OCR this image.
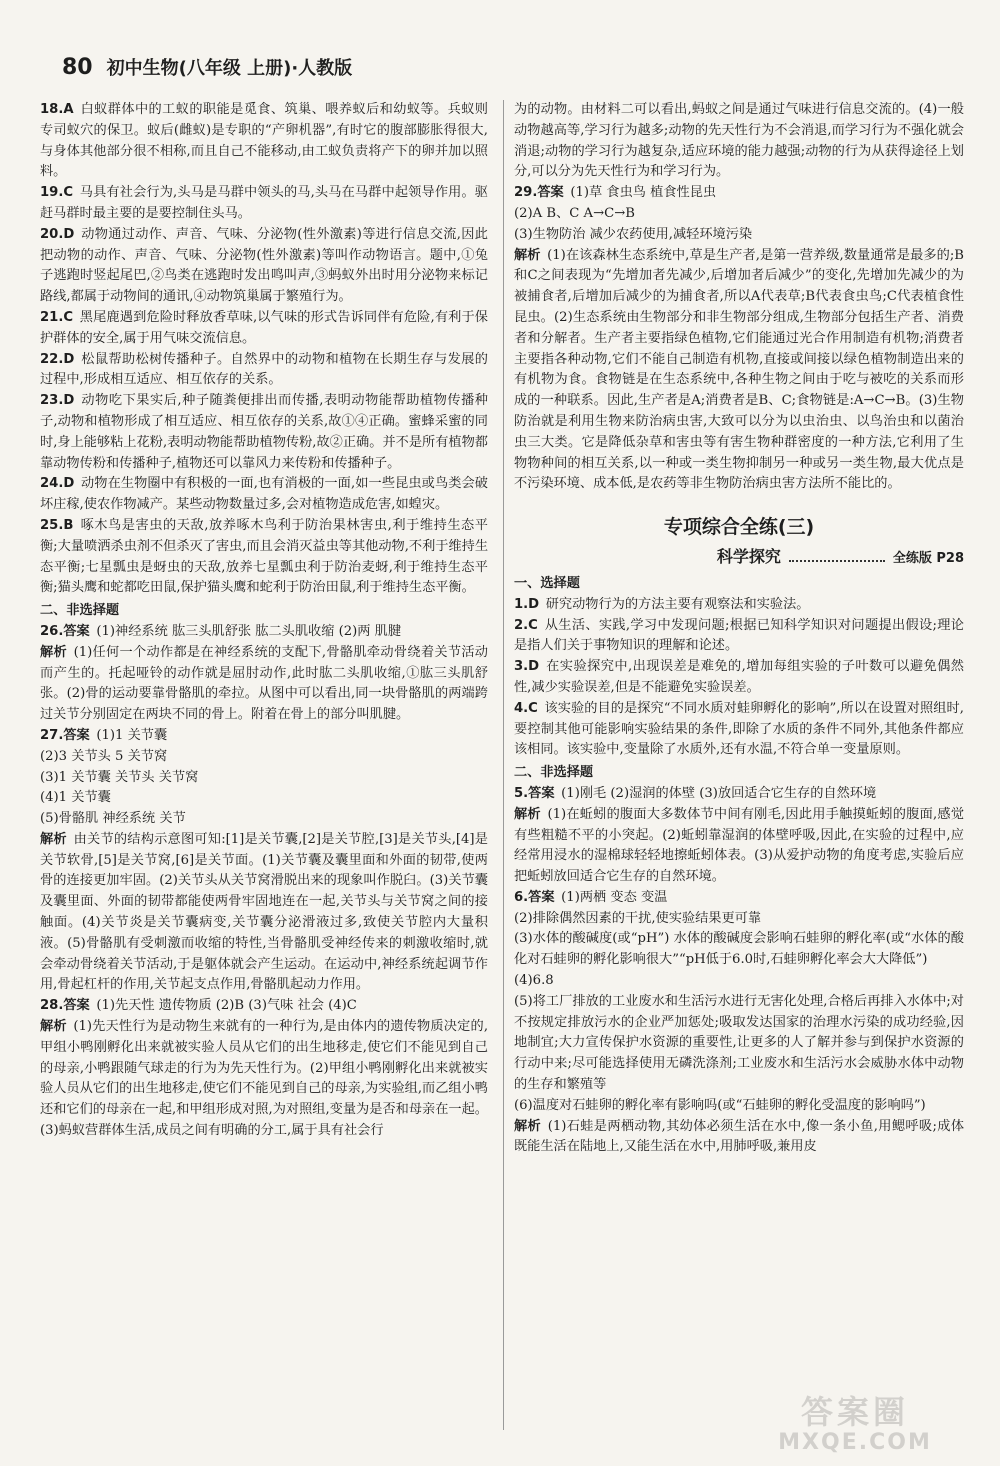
80 初中生物(八年级 上册)·人教版

18.A  白蚁群体中的工蚁的职能是觅食、筑巢、喂养蚁后和幼蚁等。兵蚁则专司蚁穴的保卫。蚁后(雌蚁)是专职的“产卵机器”,有时它的腹部膨胀得很大,与身体其他部分很不相称,而且自己不能移动,由工蚁负责将产下的卵并加以照料。

19.C  马具有社会行为,头马是马群中领头的马,头马在马群中起领导作用。驱赶马群时最主要的是要控制住头马。

20.D  动物通过动作、声音、气味、分泌物(性外激素)等进行信息交流,因此把动物的动作、声音、气味、分泌物(性外激素)等叫作动物语言。题中,①兔子逃跑时竖起尾巴,②鸟类在逃跑时发出鸣叫声,③蚂蚁外出时用分泌物来标记路线,都属于动物间的通讯,④动物筑巢属于繁殖行为。

21.C  黑尾鹿遇到危险时释放香草味,以气味的形式告诉同伴有危险,有利于保护群体的安全,属于用气味交流信息。

22.D  松鼠帮助松树传播种子。自然界中的动物和植物在长期生存与发展的过程中,形成相互适应、相互依存的关系。

23.D  动物吃下果实后,种子随粪便排出而传播,表明动物能帮助植物传播种子,动物和植物形成了相互适应、相互依存的关系,故①④正确。蜜蜂采蜜的同时,身上能够粘上花粉,表明动物能帮助植物传粉,故②正确。并不是所有植物都靠动物传粉和传播种子,植物还可以靠风力来传粉和传播种子。

24.D  动物在生物圈中有积极的一面,也有消极的一面,如一些昆虫或鸟类会破坏庄稼,使农作物减产。某些动物数量过多,会对植物造成危害,如蝗灾。

25.B  啄木鸟是害虫的天敌,放养啄木鸟利于防治果林害虫,利于维持生态平衡;大量喷洒杀虫剂不但杀灭了害虫,而且会消灭益虫等其他动物,不利于维持生态平衡;七星瓢虫是蚜虫的天敌,放养七星瓢虫利于防治麦蚜,利于维持生态平衡;猫头鹰和蛇都吃田鼠,保护猫头鹰和蛇利于防治田鼠,利于维持生态平衡。

二、非选择题

26.答案  (1)神经系统 肱三头肌舒张 肱二头肌收缩 (2)两 肌腱

解析  (1)任何一个动作都是在神经系统的支配下,骨骼肌牵动骨绕着关节活动而产生的。托起哑铃的动作就是屈肘动作,此时肱二头肌收缩,①肱三头肌舒张。(2)骨的运动要靠骨骼肌的牵拉。从图中可以看出,同一块骨骼肌的两端跨过关节分别固定在两块不同的骨上。附着在骨上的部分叫肌腱。

27.答案  (1)1 关节囊

(2)3 关节头 5 关节窝

(3)1 关节囊 关节头 关节窝

(4)1 关节囊

(5)骨骼肌 神经系统 关节

解析  由关节的结构示意图可知:[1]是关节囊,[2]是关节腔,[3]是关节头,[4]是关节软骨,[5]是关节窝,[6]是关节面。(1)关节囊及囊里面和外面的韧带,使两骨的连接更加牢固。(2)关节头从关节窝滑脱出来的现象叫作脱臼。(3)关节囊及囊里面、外面的韧带都能使两骨牢固地连在一起,关节头与关节窝之间的接触面。(4)关节炎是关节囊病变,关节囊分泌滑液过多,致使关节腔内大量积液。(5)骨骼肌有受刺激而收缩的特性,当骨骼肌受神经传来的刺激收缩时,就会牵动骨绕着关节活动,于是躯体就会产生运动。在运动中,神经系统起调节作用,骨起杠杆的作用,关节起支点作用,骨骼肌起动力作用。

28.答案  (1)先天性 遗传物质 (2)B (3)气味 社会 (4)C

解析  (1)先天性行为是动物生来就有的一种行为,是由体内的遗传物质决定的,甲组小鸭刚孵化出来就被实验人员从它们的出生地移走,使它们不能见到自己的母亲,小鸭跟随气球走的行为为先天性行为。(2)甲组小鸭刚孵化出来就被实验人员从它们的出生地移走,使它们不能见到自己的母亲,为实验组,而乙组小鸭还和它们的母亲在一起,和甲组形成对照,为对照组,变量为是否和母亲在一起。(3)蚂蚁营群体生活,成员之间有明确的分工,属于具有社会行

为的动物。由材料二可以看出,蚂蚁之间是通过气味进行信息交流的。(4)一般动物越高等,学习行为越多;动物的先天性行为不会消退,而学习行为不强化就会消退;动物的学习行为越复杂,适应环境的能力越强;动物的行为从获得途径上划分,可以分为先天性行为和学习行为。

29.答案  (1)草 食虫鸟 植食性昆虫

(2)A B、C A→C→B

(3)生物防治 减少农药使用,减轻环境污染

解析  (1)在该森林生态系统中,草是生产者,是第一营养级,数量通常是最多的;B和C之间表现为“先增加者先减少,后增加者后减少”的变化,先增加先减少的为被捕食者,后增加后减少的为捕食者,所以A代表草;B代表食虫鸟;C代表植食性昆虫。(2)生态系统由生物部分和非生物部分组成,生物部分包括生产者、消费者和分解者。生产者主要指绿色植物,它们能通过光合作用制造有机物;消费者主要指各种动物,它们不能自己制造有机物,直接或间接以绿色植物制造出来的有机物为食。食物链是在生态系统中,各种生物之间由于吃与被吃的关系而形成的一种联系。因此,生产者是A;消费者是B、C;食物链是:A→C→B。(3)生物防治就是利用生物来防治病虫害,大致可以分为以虫治虫、以鸟治虫和以菌治虫三大类。它是降低杂草和害虫等有害生物种群密度的一种方法,它利用了生物物种间的相互关系,以一种或一类生物抑制另一种或另一类生物,最大优点是不污染环境、成本低,是农药等非生物防治病虫害方法所不能比的。

专项综合全练(三)
科学探究	全练版 P28

一、选择题

1.D  研究动物行为的方法主要有观察法和实验法。

2.C  从生活、实践,学习中发现问题;根据已知科学知识对问题提出假设;理论是指人们关于事物知识的理解和论述。

3.D  在实验探究中,出现误差是难免的,增加每组实验的子叶数可以避免偶然性,减少实验误差,但是不能避免实验误差。

4.C  该实验的目的是探究“不同水质对蛙卵孵化的影响”,所以在设置对照组时,要控制其他可能影响实验结果的条件,即除了水质的条件不同外,其他条件都应该相同。该实验中,变量除了水质外,还有水温,不符合单一变量原则。

二、非选择题

5.答案  (1)刚毛 (2)湿润的体壁 (3)放回适合它生存的自然环境

解析  (1)在蚯蚓的腹面大多数体节中间有刚毛,因此用手触摸蚯蚓的腹面,感觉有些粗糙不平的小突起。(2)蚯蚓靠湿润的体壁呼吸,因此,在实验的过程中,应经常用浸水的湿棉球轻轻地擦蚯蚓体表。(3)从爱护动物的角度考虑,实验后应把蚯蚓放回适合它生存的自然环境。

6.答案  (1)两栖 变态 变温

(2)排除偶然因素的干扰,使实验结果更可靠

(3)水体的酸碱度(或“pH”) 水体的酸碱度会影响石蛙卵的孵化率(或“水体的酸化对石蛙卵的孵化影响很大”“pH低于6.0时,石蛙卵孵化率会大大降低”)

(4)6.8

(5)将工厂排放的工业废水和生活污水进行无害化处理,合格后再排入水体中;对不按规定排放污水的企业严加惩处;吸取发达国家的治理水污染的成功经验,因地制宜;大力宣传保护水资源的重要性,让更多的人了解并参与到保护水资源的行动中来;尽可能选择使用无磷洗涤剂;工业废水和生活污水会威胁水体中动物的生存和繁殖等

(6)温度对石蛙卵的孵化率有影响吗(或“石蛙卵的孵化受温度的影响吗”)

解析  (1)石蛙是两栖动物,其幼体必须生活在水中,像一条小鱼,用鳃呼吸;成体既能生活在陆地上,又能生活在水中,用肺呼吸,兼用皮

答案圈
MXQE.COM
